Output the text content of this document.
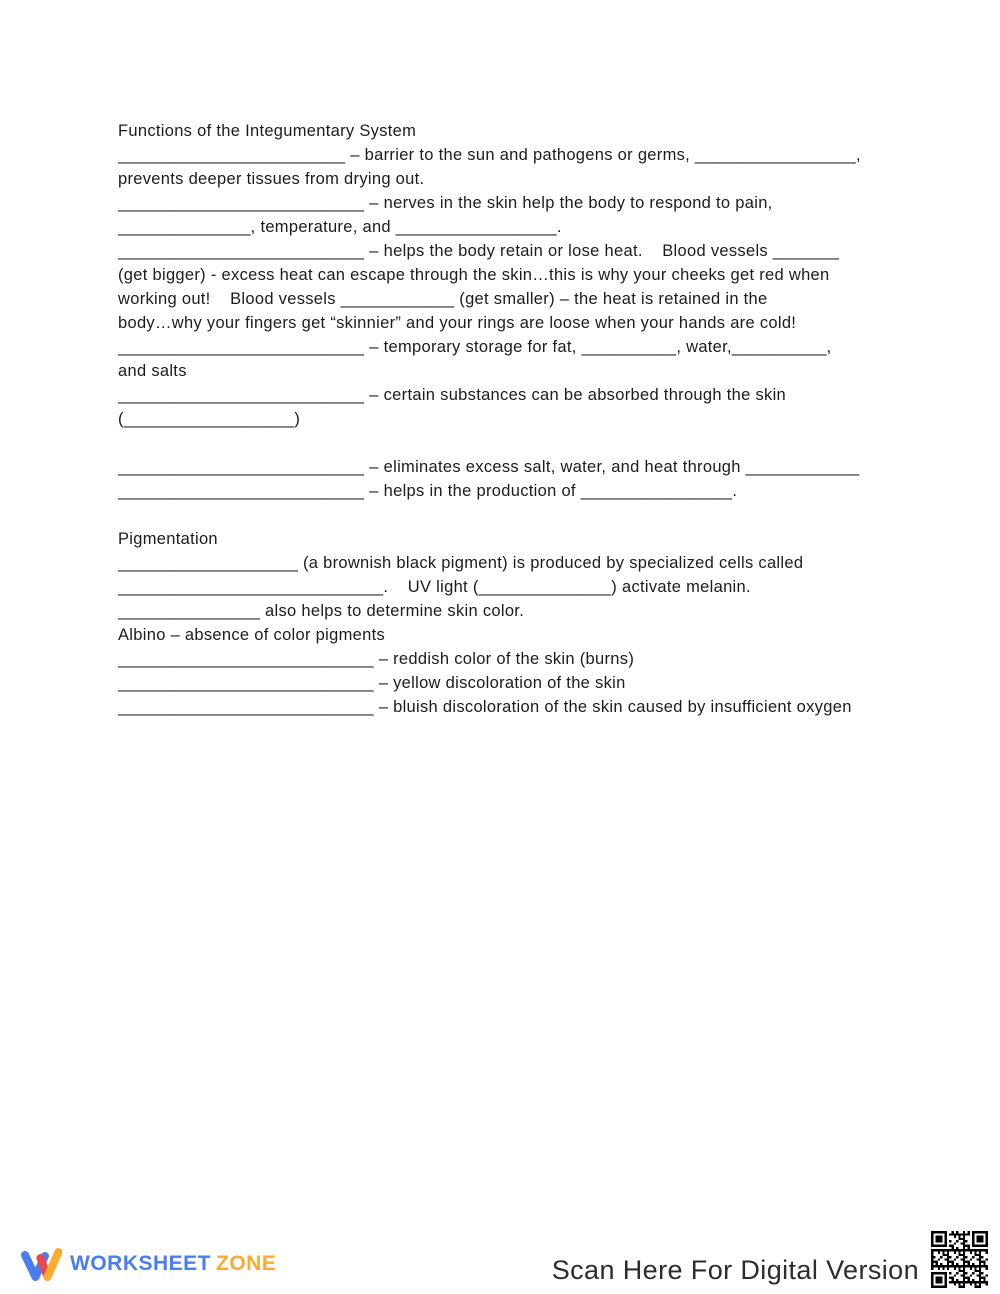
Functions of the Integumentary System
________________________ – barrier to the sun and pathogens or germs, _________________,
prevents deeper tissues from drying out.
__________________________ – nerves in the skin help the body to respond to pain,
______________, temperature, and _________________.
__________________________ – helps the body retain or lose heat.    Blood vessels _______
(get bigger) - excess heat can escape through the skin…this is why your cheeks get red when
working out!    Blood vessels ____________ (get smaller) – the heat is retained in the
body…why your fingers get “skinnier” and your rings are loose when your hands are cold!
__________________________ – temporary storage for fat, __________, water,__________,
and salts
__________________________ – certain substances can be absorbed through the skin
(__________________)
__________________________ – eliminates excess salt, water, and heat through ____________
__________________________ – helps in the production of ________________.
Pigmentation
___________________ (a brownish black pigment) is produced by specialized cells called
____________________________.    UV light (______________) activate melanin.
_______________ also helps to determine skin color.
Albino – absence of color pigments
___________________________ – reddish color of the skin (burns)
___________________________ – yellow discoloration of the skin
___________________________ – bluish discoloration of the skin caused by insufficient oxygen
WORKSHEET ZONE	Scan Here For Digital Version
